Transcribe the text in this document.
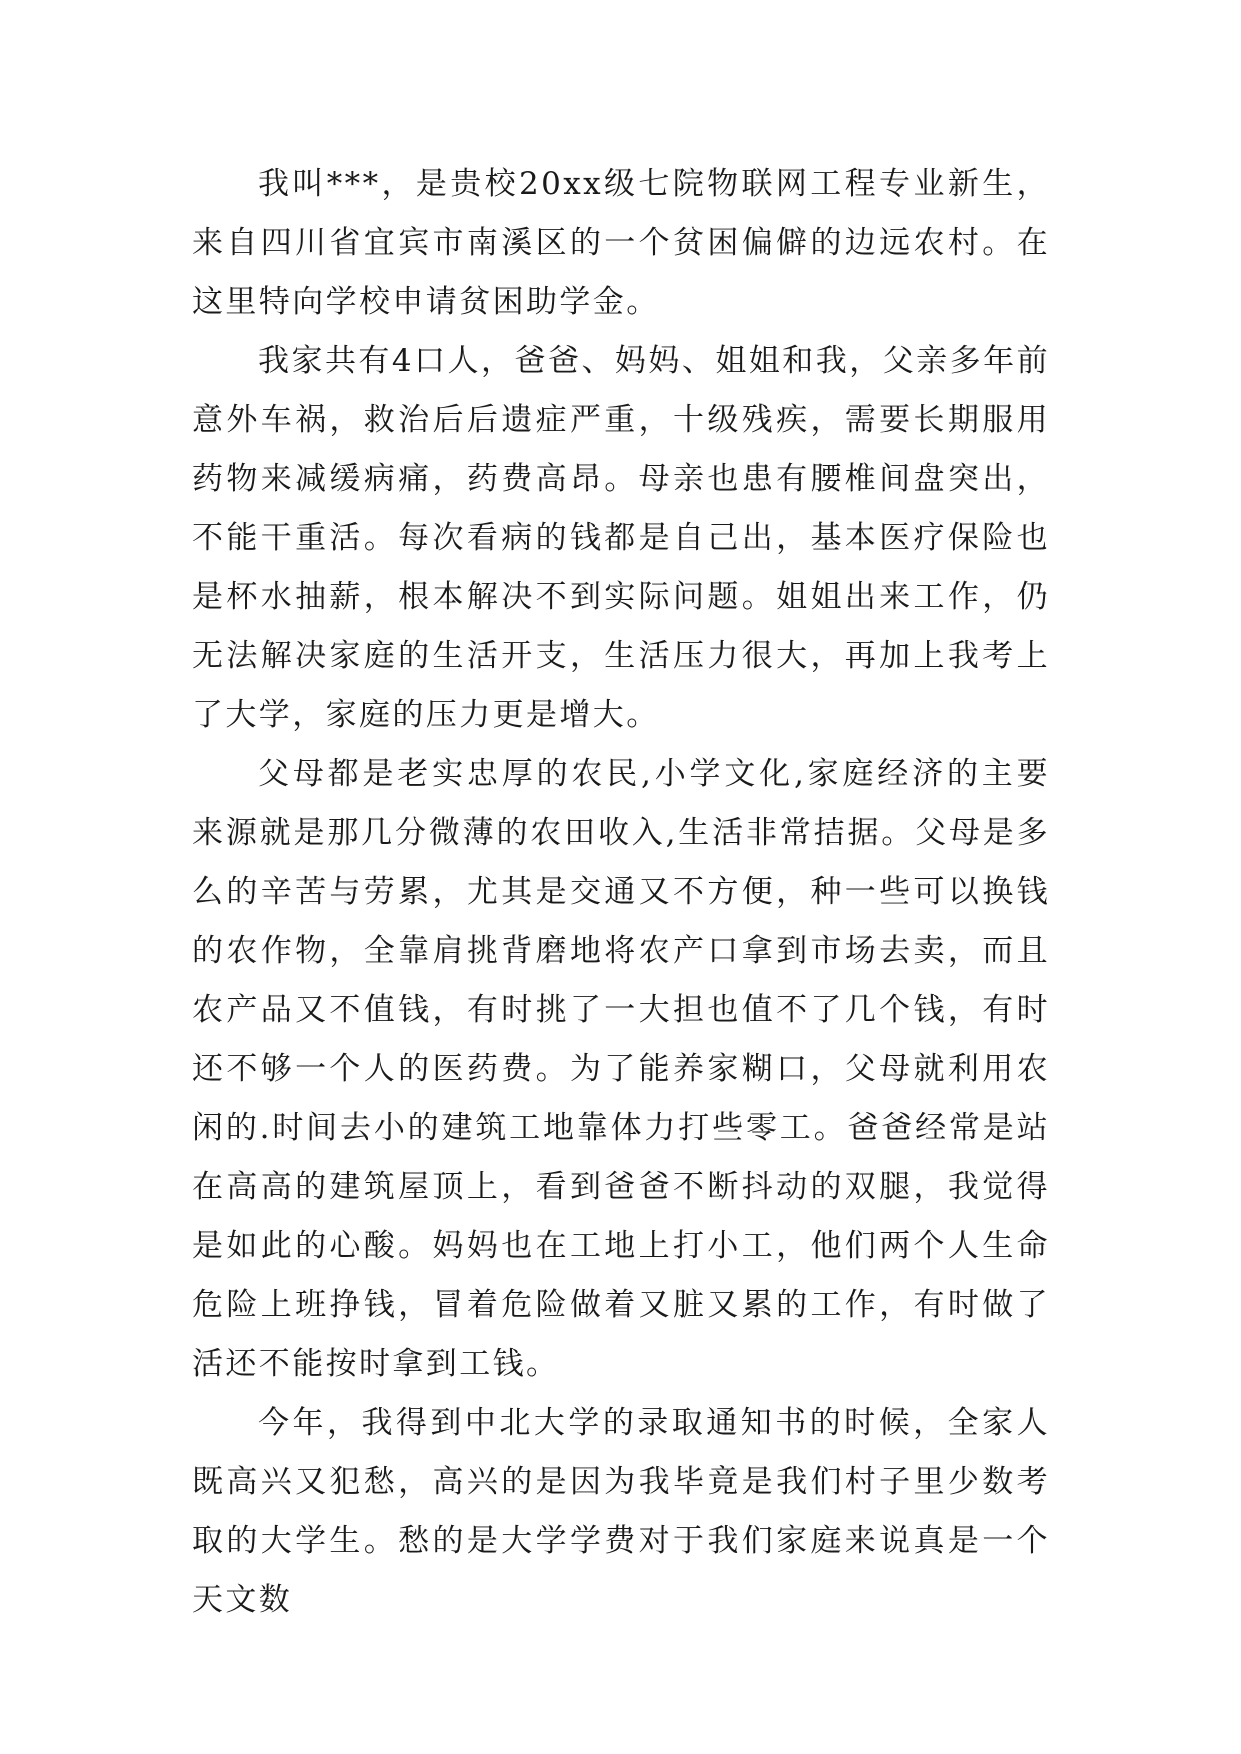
我叫***，是贵校20xx级七院物联网工程专业新生，来自四川省宜宾市南溪区的一个贫困偏僻的边远农村。在这里特向学校申请贫困助学金。

我家共有4口人，爸爸、妈妈、姐姐和我，父亲多年前意外车祸，救治后后遗症严重，十级残疾，需要长期服用药物来减缓病痛，药费高昂。母亲也患有腰椎间盘突出，不能干重活。每次看病的钱都是自己出，基本医疗保险也是杯水抽薪，根本解决不到实际问题。姐姐出来工作，仍无法解决家庭的生活开支，生活压力很大，再加上我考上了大学，家庭的压力更是增大。

父母都是老实忠厚的农民,小学文化,家庭经济的主要来源就是那几分微薄的农田收入,生活非常拮据。父母是多么的辛苦与劳累，尤其是交通又不方便，种一些可以换钱的农作物，全靠肩挑背磨地将农产口拿到市场去卖，而且农产品又不值钱，有时挑了一大担也值不了几个钱，有时还不够一个人的医药费。为了能养家糊口，父母就利用农闲的.时间去小的建筑工地靠体力打些零工。爸爸经常是站在高高的建筑屋顶上，看到爸爸不断抖动的双腿，我觉得是如此的心酸。妈妈也在工地上打小工，他们两个人生命危险上班挣钱，冒着危险做着又脏又累的工作，有时做了活还不能按时拿到工钱。

今年，我得到中北大学的录取通知书的时候，全家人既高兴又犯愁，高兴的是因为我毕竟是我们村子里少数考取的大学生。愁的是大学学费对于我们家庭来说真是一个天文数
